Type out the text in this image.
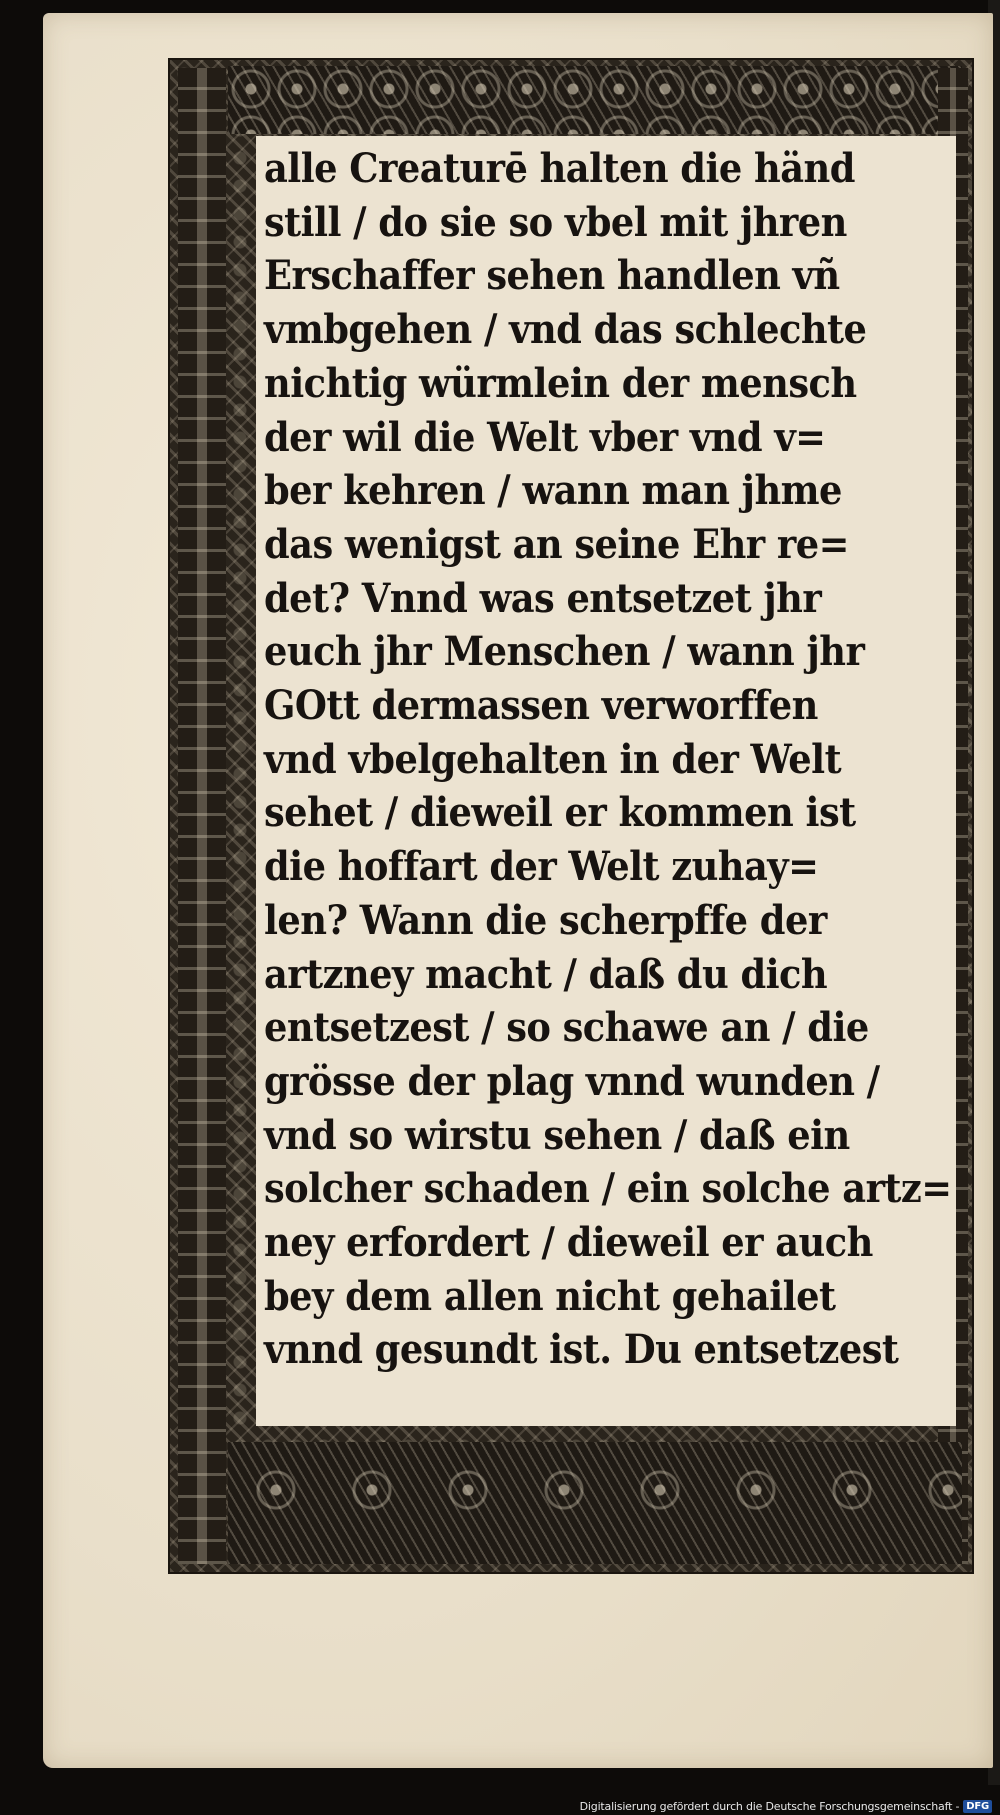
alle Creaturē halten die händ
still / do sie so vbel mit jhren
Erschaffer sehen handlen vñ
vmbgehen / vnd das schlechte
nichtig würmlein der mensch
der wil die Welt vber vnd v=
ber kehren / wann man jhme
das wenigst an seine Ehr re=
det? Vnnd was entsetzet jhr
euch jhr Menschen / wann jhr
GOtt dermassen verworffen
vnd vbelgehalten in der Welt
sehet / dieweil er kommen ist
die hoffart der Welt zuhay=
len? Wann die scherpffe der
artzney macht / daß du dich
entsetzest / so schawe an / die
grösse der plag vnnd wunden /
vnd so wirstu sehen / daß ein
solcher schaden / ein solche artz=
ney erfordert / dieweil er auch
bey dem allen nicht gehailet
vnnd gesundt ist. Du entsetzest
Digitalisierung gefördert durch die Deutsche Forschungsgemeinschaft - DFG
